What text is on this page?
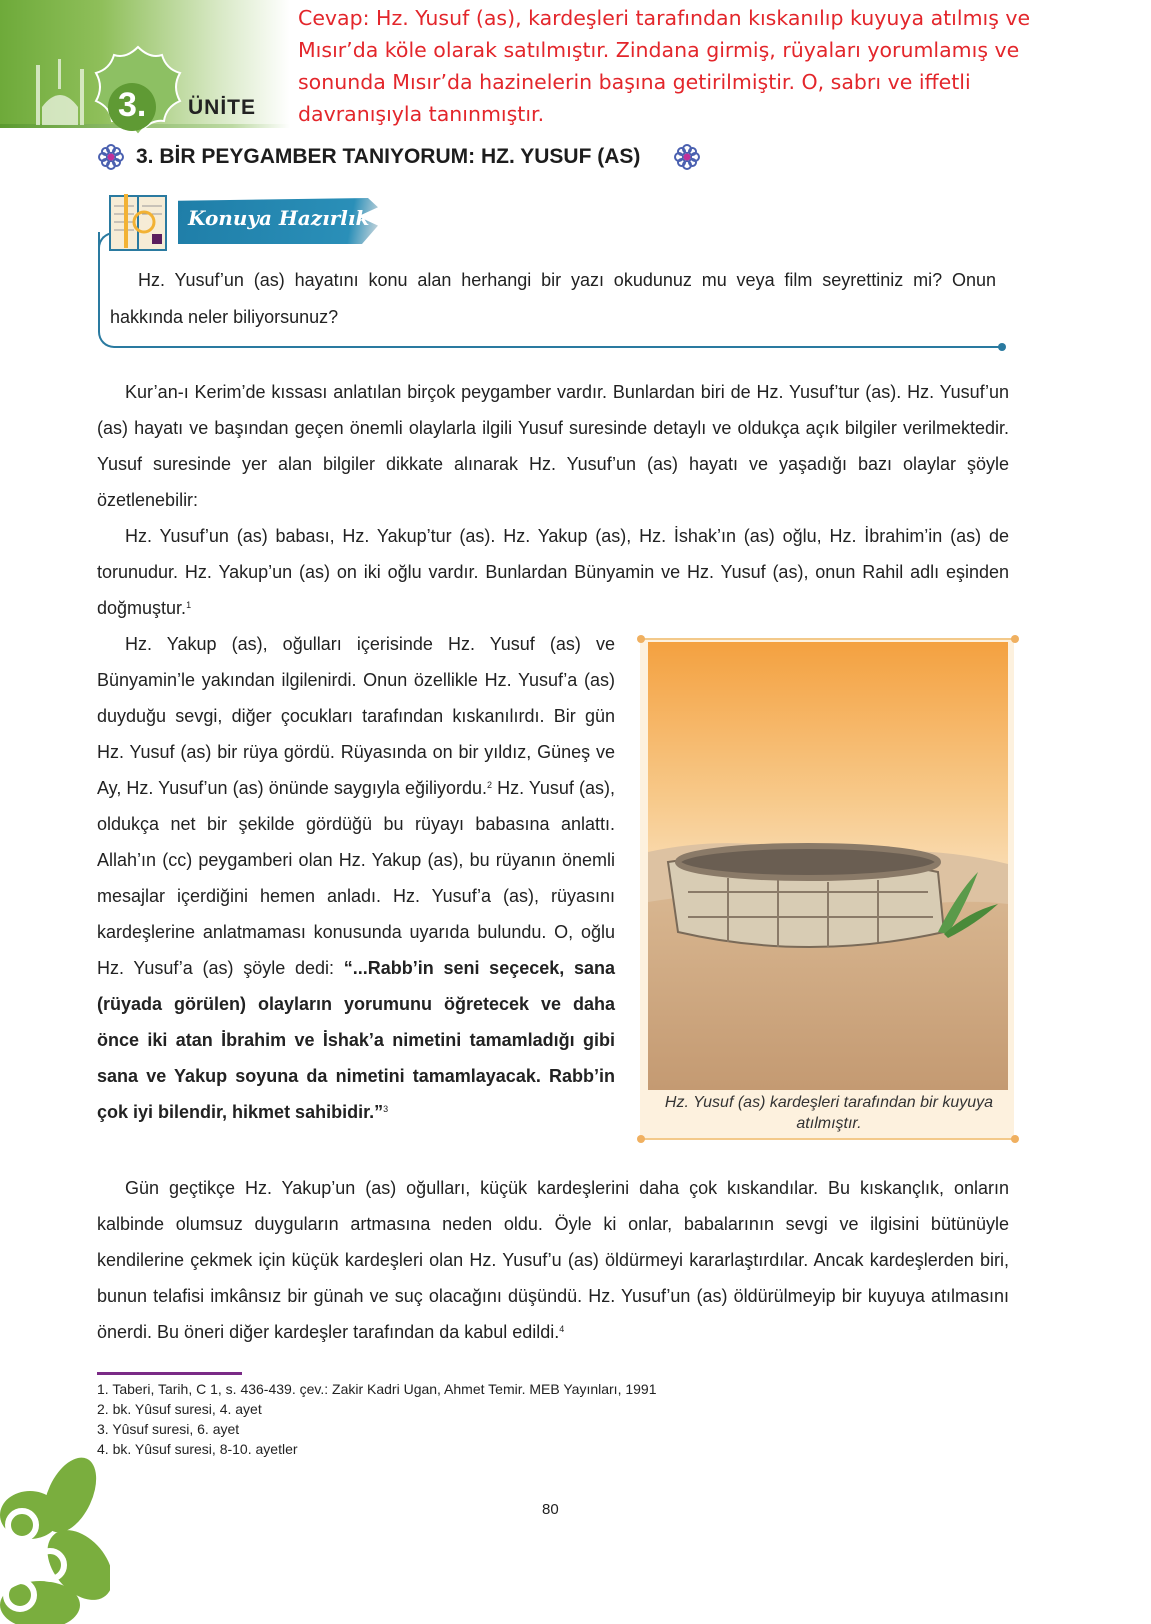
3. ÜNİTE
Cevap: Hz. Yusuf (as), kardeşleri tarafından kıskanılıp kuyuya atılmış ve Mısır’da köle olarak satılmıştır. Zindana girmiş, rüyaları yorumlamış ve sonunda Mısır’da hazinelerin başına getirilmiştir. O, sabrı ve iffetli davranışıyla tanınmıştır.
3. BİR PEYGAMBER TANIYORUM: HZ. YUSUF (AS)
Konuya Hazırlık
Hz. Yusuf’un (as) hayatını konu alan herhangi bir yazı okudunuz mu veya film seyrettiniz mi? Onun hakkında neler biliyorsunuz?

Kur’an-ı Kerim’de kıssası anlatılan birçok peygamber vardır. Bunlardan biri de Hz. Yusuf’tur (as). Hz. Yusuf’un (as) hayatı ve başından geçen önemli olaylarla ilgili Yusuf suresinde detaylı ve oldukça açık bilgiler verilmektedir. Yusuf suresinde yer alan bilgiler dikkate alınarak Hz. Yusuf’un (as) hayatı ve yaşadığı bazı olaylar şöyle özetlenebilir:

Hz. Yusuf’un (as) babası, Hz. Yakup’tur (as). Hz. Yakup (as), Hz. İshak’ın (as) oğlu, Hz. İbrahim’in (as) de torunudur. Hz. Yakup’un (as) on iki oğlu vardır. Bunlardan Bünyamin ve Hz. Yusuf (as), onun Rahil adlı eşinden doğmuştur.$^1$

Hz. Yakup (as), oğulları içerisinde Hz. Yusuf (as) ve Bünyamin’le yakından ilgilenirdi. Onun özellikle Hz. Yusuf’a (as) duyduğu sevgi, diğer çocukları tarafından kıskanılırdı. Bir gün Hz. Yusuf (as) bir rüya gördü. Rüyasında on bir yıldız, Güneş ve Ay, Hz. Yusuf’un (as) önünde saygıyla eğiliyordu.$^2$ Hz. Yusuf (as), oldukça net bir şekilde gördüğü bu rüyayı babasına anlattı. Allah’ın (cc) peygamberi olan Hz. Yakup (as), bu rüyanın önemli mesajlar içerdiğini hemen anladı. Hz. Yusuf’a (as), rüyasını kardeşlerine anlatmaması konusunda uyarıda bulundu. O, oğlu Hz. Yusuf’a (as) şöyle dedi: “...Rabb’in seni seçecek, sana (rüyada görülen) olayların yorumunu öğretecek ve daha önce iki atan İbrahim ve İshak’a nimetini tamamladığı gibi sana ve Yakup soyuna da nimetini tamamlayacak. Rabb’in çok iyi bilendir, hikmet sahibidir.”$^3$	Hz. Yusuf (as) kardeşleri tarafından bir kuyuya atılmıştır.

Gün geçtikçe Hz. Yakup’un (as) oğulları, küçük kardeşlerini daha çok kıskandılar. Bu kıskançlık, onların kalbinde olumsuz duyguların artmasına neden oldu. Öyle ki onlar, babalarının sevgi ve ilgisini bütünüyle kendilerine çekmek için küçük kardeşleri olan Hz. Yusuf’u (as) öldürmeyi kararlaştırdılar. Ancak kardeşlerden biri, bunun telafisi imkânsız bir günah ve suç olacağını düşündü. Hz. Yusuf’un (as) öldürülmeyip bir kuyuya atılmasını önerdi. Bu öneri diğer kardeşler tarafından da kabul edildi.$^4$

1. Taberi, Tarih, C 1, s. 436-439. çev.: Zakir Kadri Ugan, Ahmet Temir. MEB Yayınları, 1991
2. bk. Yûsuf suresi, 4. ayet
3. Yûsuf suresi, 6. ayet
4. bk. Yûsuf suresi, 8-10. ayetler
80
